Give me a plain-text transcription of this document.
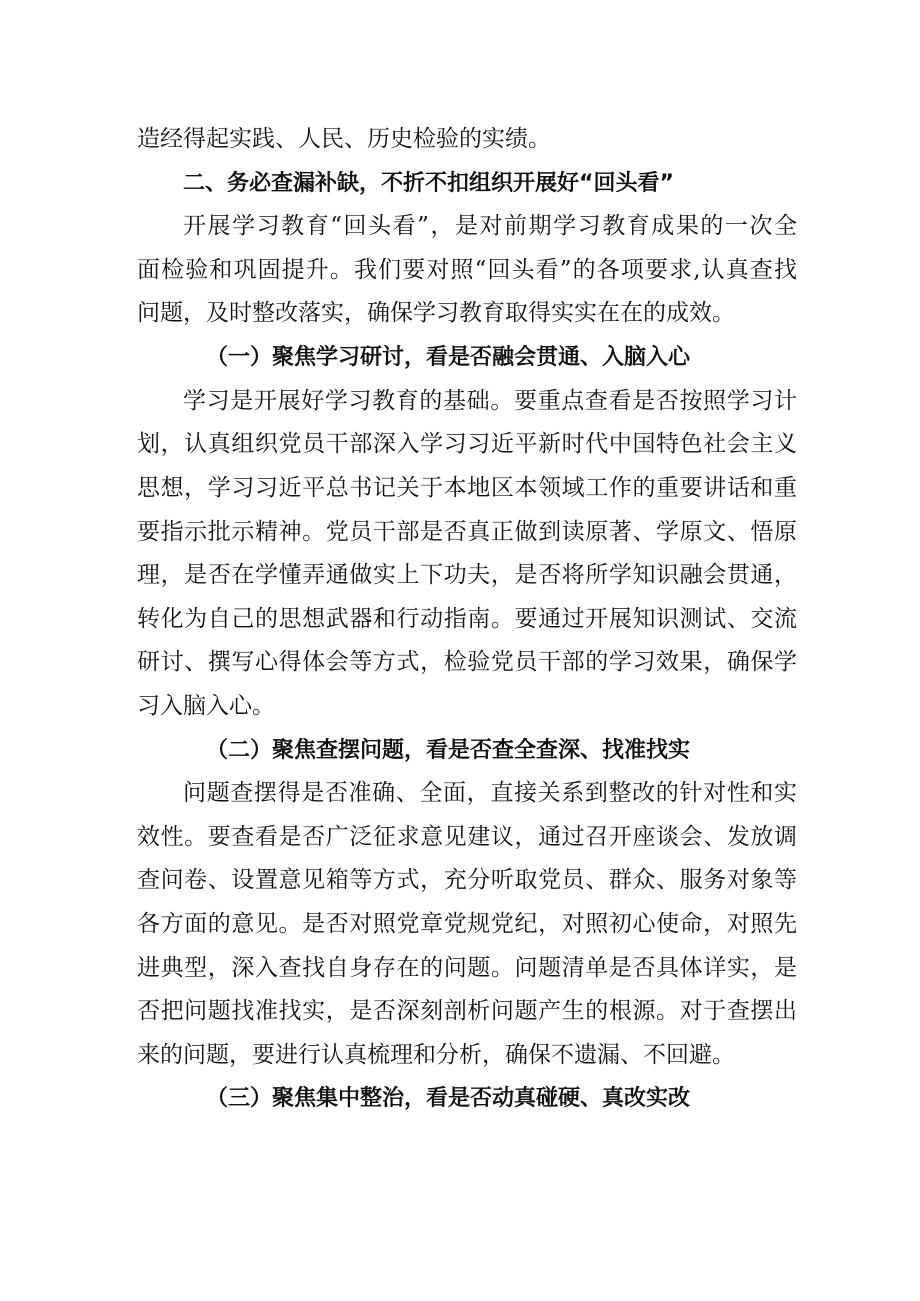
造经得起实践、人民、历史检验的实绩。
二、务必查漏补缺，不折不扣组织开展好“回头看”
开展学习教育“回头看”，是对前期学习教育成果的一次全
面检验和巩固提升。我们要对照“回头看”的各项要求,认真查找
问题，及时整改落实，确保学习教育取得实实在在的成效。
（一）聚焦学习研讨，看是否融会贯通、入脑入心
学习是开展好学习教育的基础。要重点查看是否按照学习计
划，认真组织党员干部深入学习习近平新时代中国特色社会主义
思想，学习习近平总书记关于本地区本领域工作的重要讲话和重
要指示批示精神。党员干部是否真正做到读原著、学原文、悟原
理，是否在学懂弄通做实上下功夫，是否将所学知识融会贯通，
转化为自己的思想武器和行动指南。要通过开展知识测试、交流
研讨、撰写心得体会等方式，检验党员干部的学习效果，确保学
习入脑入心。
（二）聚焦查摆问题，看是否查全查深、找准找实
问题查摆得是否准确、全面，直接关系到整改的针对性和实
效性。要查看是否广泛征求意见建议，通过召开座谈会、发放调
查问卷、设置意见箱等方式，充分听取党员、群众、服务对象等
各方面的意见。是否对照党章党规党纪，对照初心使命，对照先
进典型，深入查找自身存在的问题。问题清单是否具体详实，是
否把问题找准找实，是否深刻剖析问题产生的根源。对于查摆出
来的问题，要进行认真梳理和分析，确保不遗漏、不回避。
（三）聚焦集中整治，看是否动真碰硬、真改实改
